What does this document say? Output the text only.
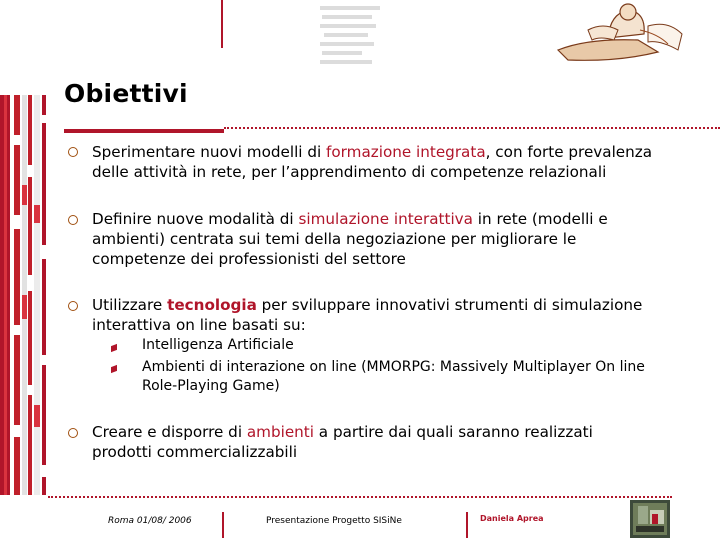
Obiettivi
Sperimentare nuovi modelli di formazione integrata, con forte prevalenza
delle attività in rete, per l’apprendimento di competenze relazionali
Definire nuove modalità di simulazione interattiva in rete (modelli e
ambienti) centrata sui temi della negoziazione per migliorare le
competenze dei professionisti del settore
Utilizzare tecnologia per sviluppare innovativi strumenti di simulazione
interattiva on line basati su:
Intelligenza Artificiale
Ambienti di interazione on line (MMORPG: Massively Multiplayer On line
Role-Playing Game)
Creare e disporre di ambienti a partire dai quali saranno realizzati
prodotti commercializzabili
Roma 01/08/ 2006	Presentazione Progetto SISiNe	Daniela Aprea
